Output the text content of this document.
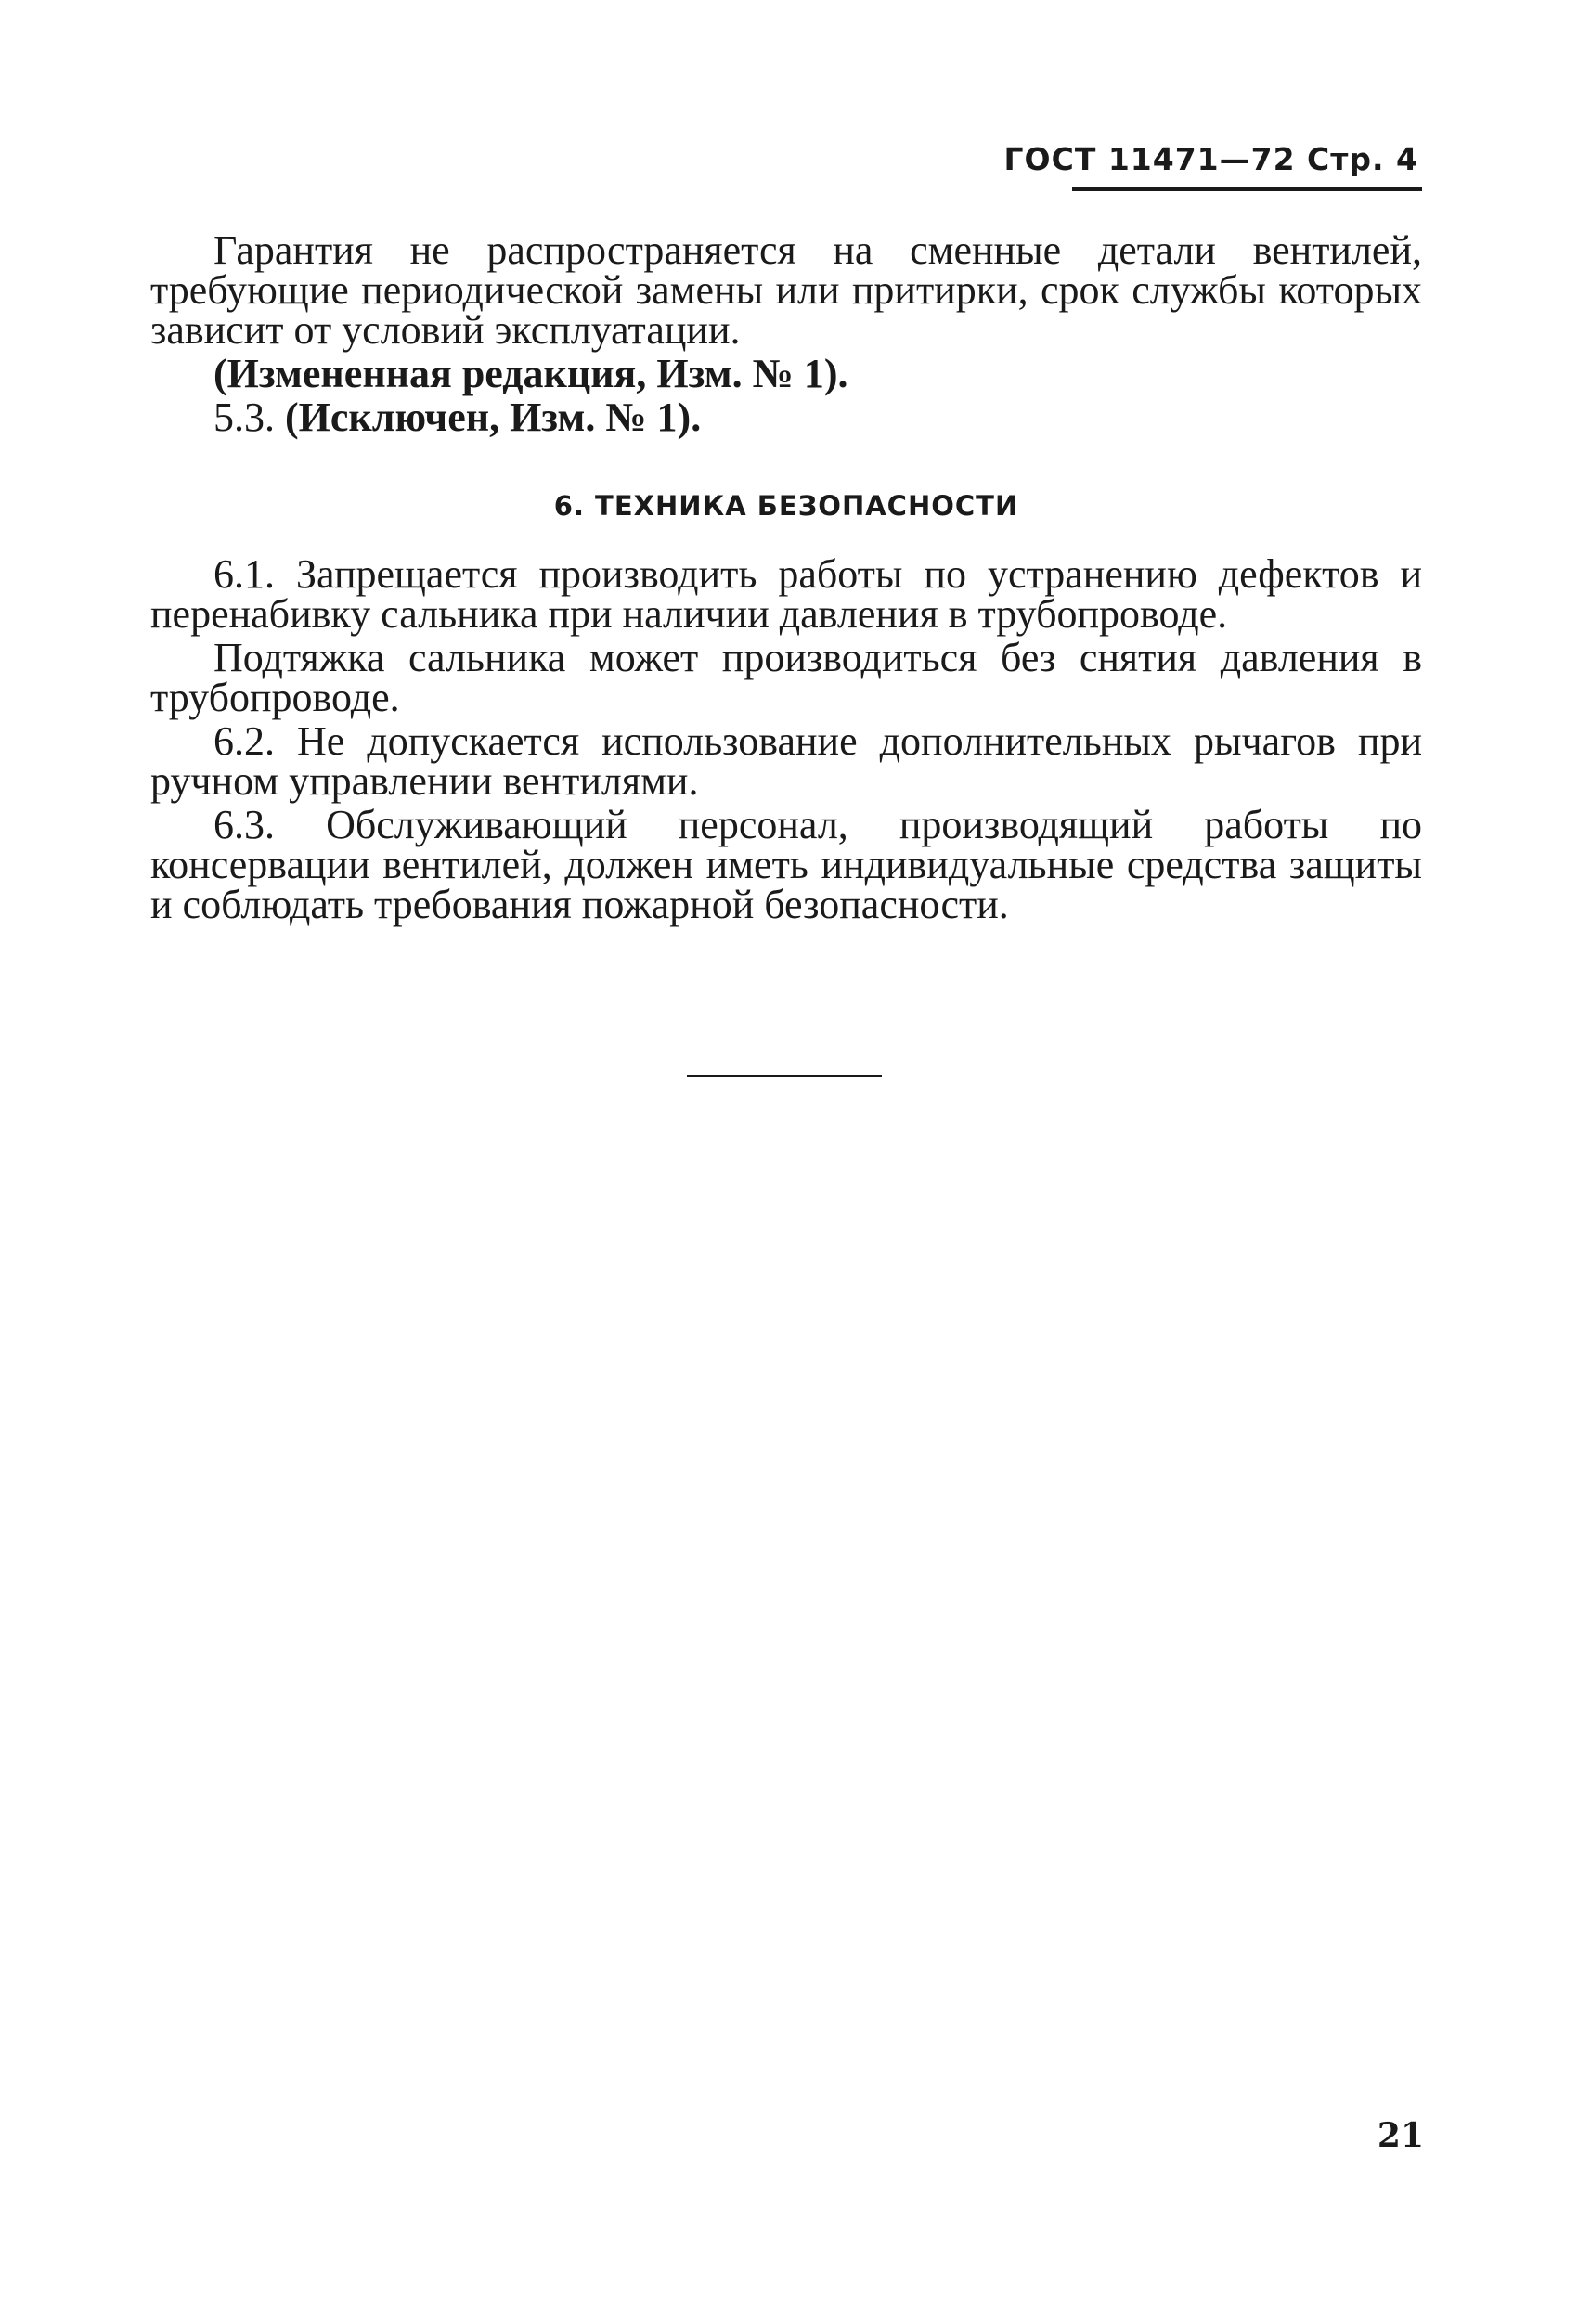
ГОСТ 11471—72 Стр. 4

Гарантия не распространяется на сменные детали вентилей, требующие периодической замены или притирки, срок службы которых зависит от условий эксплуатации.

(Измененная редакция, Изм. № 1).

5.3. (Исключен, Изм. № 1).

6. ТЕХНИКА БЕЗОПАСНОСТИ

6.1. Запрещается производить работы по устранению дефектов и перенабивку сальника при наличии давления в трубопроводе.

Подтяжка сальника может производиться без снятия давления в трубопроводе.

6.2. Не допускается использование дополнительных рычагов при ручном управлении вентилями.

6.3. Обслуживающий персонал, производящий работы по консервации вентилей, должен иметь индивидуальные средства защиты и соблюдать требования пожарной безопасности.

21
